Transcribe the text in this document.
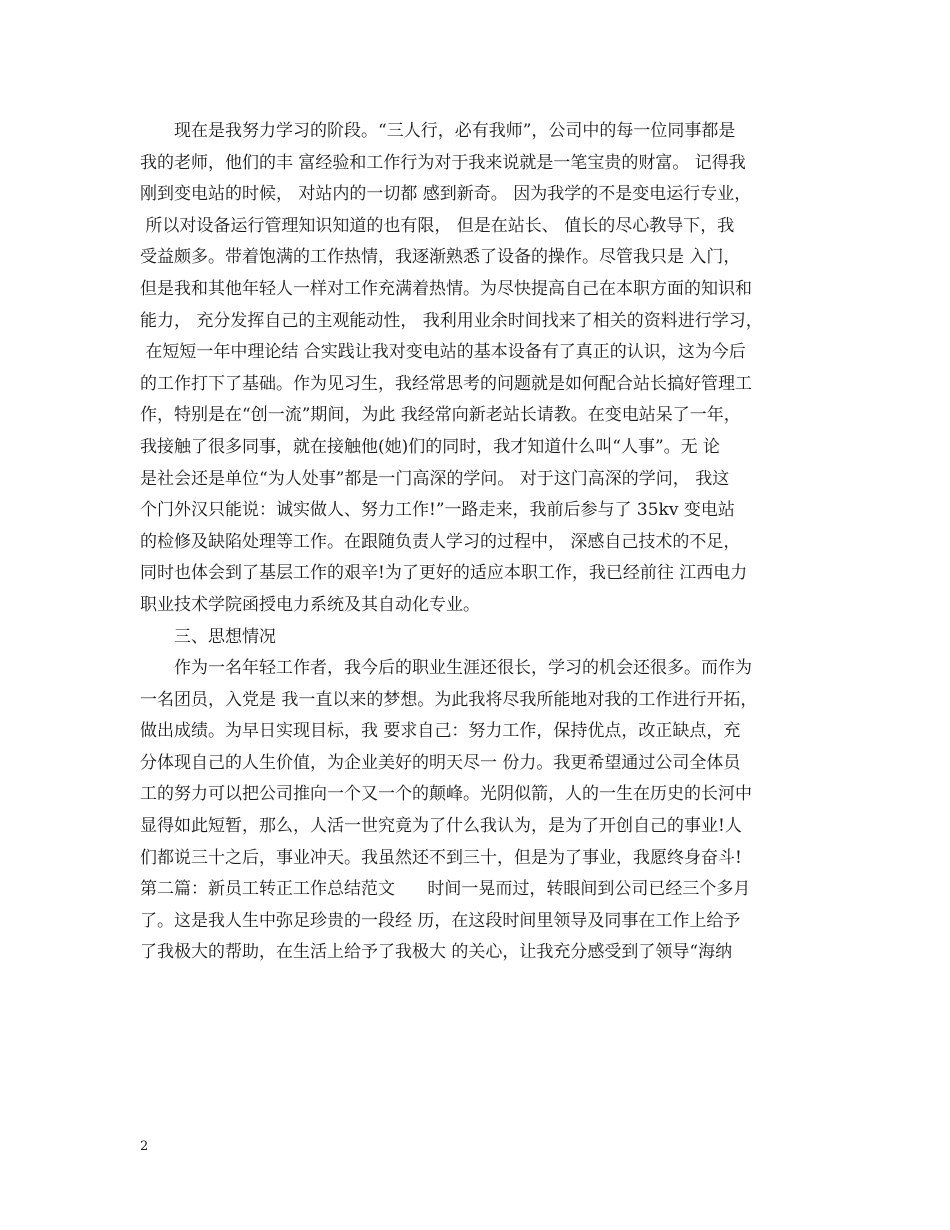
现在是我努力学习的阶段。“三人行，必有我师”，公司中的每一位同事都是
我的老师，他们的丰 富经验和工作行为对于我来说就是一笔宝贵的财富。 记得我
刚到变电站的时候， 对站内的一切都 感到新奇。 因为我学的不是变电运行专业，
所以对设备运行管理知识知道的也有限， 但是在站长、 值长的尽心教导下，我
受益颇多。带着饱满的工作热情，我逐渐熟悉了设备的操作。尽管我只是 入门，
但是我和其他年轻人一样对工作充满着热情。为尽快提高自己在本职方面的知识和
能力， 充分发挥自己的主观能动性， 我利用业余时间找来了相关的资料进行学习，
在短短一年中理论结 合实践让我对变电站的基本设备有了真正的认识，这为今后
的工作打下了基础。作为见习生，我经常思考的问题就是如何配合站长搞好管理工
作，特别是在“创一流”期间，为此 我经常向新老站长请教。在变电站呆了一年，
我接触了很多同事，就在接触他(她)们的同时，我才知道什么叫“人事”。无 论
是社会还是单位“为人处事”都是一门高深的学问。 对于这门高深的学问， 我这
个门外汉只能说：诚实做人、努力工作!”一路走来，我前后参与了 35kv 变电站
的检修及缺陷处理等工作。在跟随负责人学习的过程中， 深感自己技术的不足，
同时也体会到了基层工作的艰辛!为了更好的适应本职工作，我已经前往 江西电力
职业技术学院函授电力系统及其自动化专业。
三、思想情况
作为一名年轻工作者，我今后的职业生涯还很长，学习的机会还很多。而作为
一名团员，入党是 我一直以来的梦想。为此我将尽我所能地对我的工作进行开拓，
做出成绩。为早日实现目标，我 要求自己：努力工作，保持优点，改正缺点，充
分体现自己的人生价值，为企业美好的明天尽一 份力。我更希望通过公司全体员
工的努力可以把公司推向一个又一个的颠峰。光阴似箭，人的一生在历史的长河中
显得如此短暂，那么，人活一世究竟为了什么我认为，是为了开创自己的事业!人
们都说三十之后，事业冲天。我虽然还不到三十，但是为了事业，我愿终身奋斗!
第二篇：新员工转正工作总结范文      时间一晃而过，转眼间到公司已经三个多月
了。这是我人生中弥足珍贵的一段经 历，在这段时间里领导及同事在工作上给予
了我极大的帮助，在生活上给予了我极大 的关心，让我充分感受到了领导“海纳
2
